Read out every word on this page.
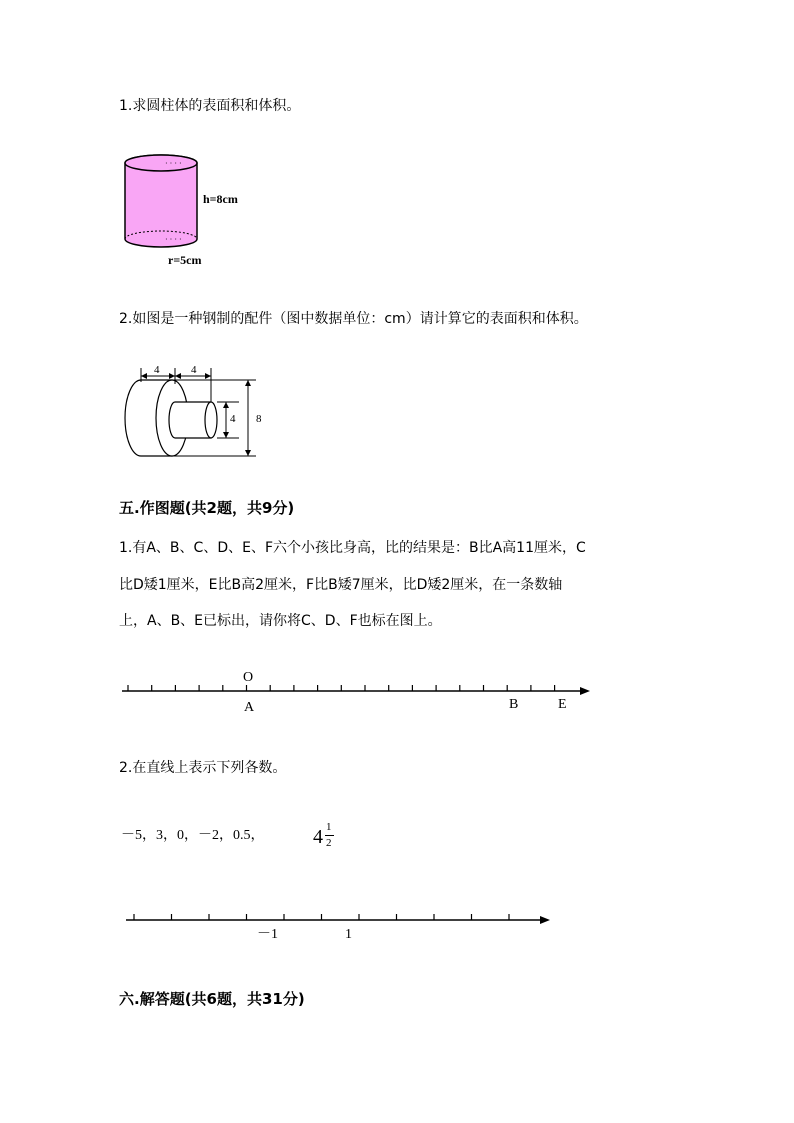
1.求圆柱体的表面积和体积。
· · · ·
· · · ·
h=8cm
r=5cm
2.如图是一种钢制的配件（图中数据单位：cm）请计算它的表面积和体积。
4	4
4 8
五.作图题(共2题，共9分)
1.有A、B、C、D、E、F六个小孩比身高，比的结果是：B比A高11厘米，C
比D矮1厘米，E比B高2厘米，F比B矮7厘米，比D矮2厘米，在一条数轴
上，A、B、E已标出，请你将C、D、F也标在图上。
O
A	B	E
2.在直线上表示下列各数。
－5，3，0，－2，0.5， 4 1
2
－1	1
六.解答题(共6题，共31分)
